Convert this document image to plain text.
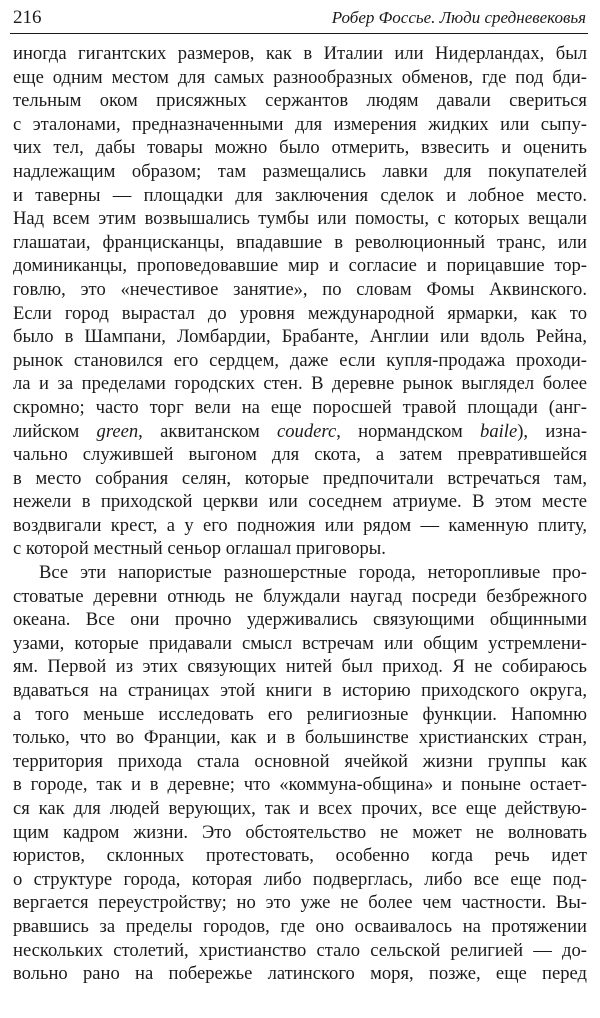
216	Робер Фоссье. Люди средневековья
иногда гигантских размеров, как в Италии или Нидерландах, был
еще одним местом для самых разнообразных обменов, где под бди-
тельным оком присяжных сержантов людям давали свериться
с эталонами, предназначенными для измерения жидких или сыпу-
чих тел, дабы товары можно было отмерить, взвесить и оценить
надлежащим образом; там размещались лавки для покупателей
и таверны — площадки для заключения сделок и лобное место.
Над всем этим возвышались тумбы или помосты, с которых вещали
глашатаи, францисканцы, впадавшие в революционный транс, или
доминиканцы, проповедовавшие мир и согласие и порицавшие тор-
говлю, это «нечестивое занятие», по словам Фомы Аквинского.
Если город вырастал до уровня международной ярмарки, как то
было в Шампани, Ломбардии, Брабанте, Англии или вдоль Рейна,
рынок становился его сердцем, даже если купля-продажа проходи-
ла и за пределами городских стен. В деревне рынок выглядел более
скромно; часто торг вели на еще поросшей травой площади (анг-
лийском green, аквитанском couderc, нормандском baile), изна-
чально служившей выгоном для скота, а затем превратившейся
в место собрания селян, которые предпочитали встречаться там,
нежели в приходской церкви или соседнем атриуме. В этом месте
воздвигали крест, а у его подножия или рядом — каменную плиту,
с которой местный сеньор оглашал приговоры.
Все эти напористые разношерстные города, неторопливые про-
стоватые деревни отнюдь не блуждали наугад посреди безбрежного
океана. Все они прочно удерживались связующими общинными
узами, которые придавали смысл встречам или общим устремлени-
ям. Первой из этих связующих нитей был приход. Я не собираюсь
вдаваться на страницах этой книги в историю приходского округа,
а того меньше исследовать его религиозные функции. Напомню
только, что во Франции, как и в большинстве христианских стран,
территория прихода стала основной ячейкой жизни группы как
в городе, так и в деревне; что «коммуна-община» и поныне остает-
ся как для людей верующих, так и всех прочих, все еще действую-
щим кадром жизни. Это обстоятельство не может не волновать
юристов, склонных протестовать, особенно когда речь идет
о структуре города, которая либо подверглась, либо все еще под-
вергается переустройству; но это уже не более чем частности. Вы-
рвавшись за пределы городов, где оно осваивалось на протяжении
нескольких столетий, христианство стало сельской религией — до-
вольно рано на побережье латинского моря, позже, еще перед
